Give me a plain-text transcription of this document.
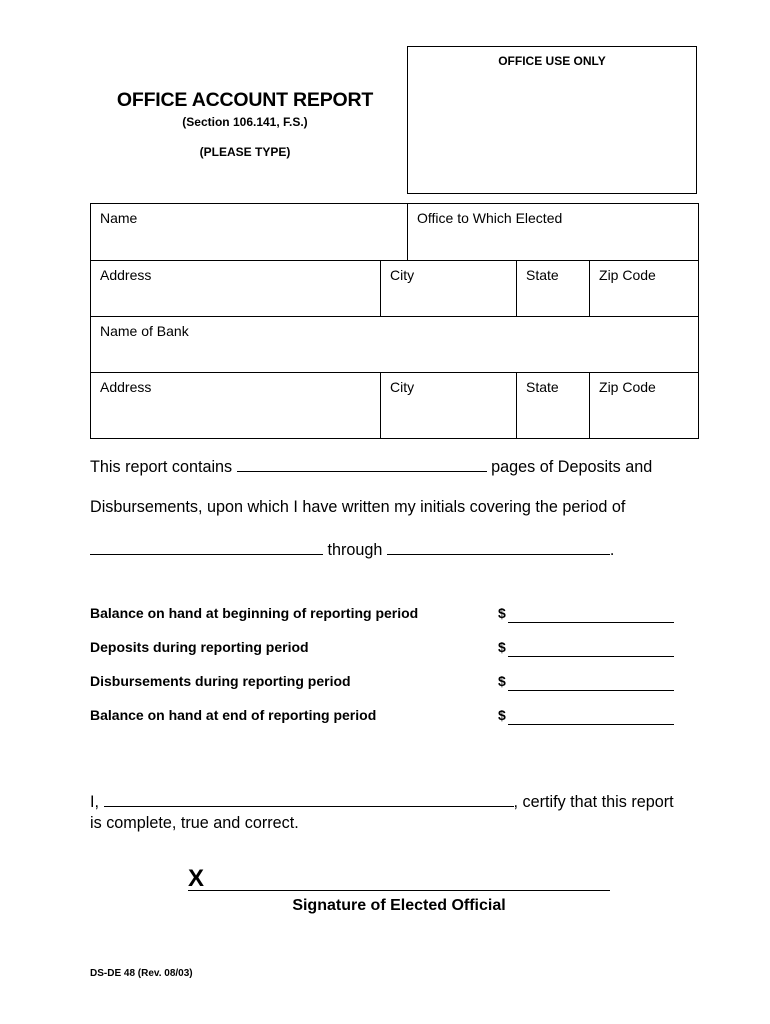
OFFICE USE ONLY
OFFICE ACCOUNT REPORT
(Section 106.141, F.S.)
(PLEASE TYPE)
Name		Office to Which Elected		
Address	City		State	Zip Code
Name of Bank				
Address	City		State	Zip Code
This report contains	pages of Deposits and
Disbursements, upon which I have written my initials covering the period of
through	.
Balance on hand at beginning of reporting period	$
Deposits during reporting period	$
Disbursements during reporting period	$
Balance on hand at end of reporting period	$
I,	, certify that this report
is complete, true and correct.
X
Signature of Elected Official
DS-DE 48 (Rev. 08/03)
